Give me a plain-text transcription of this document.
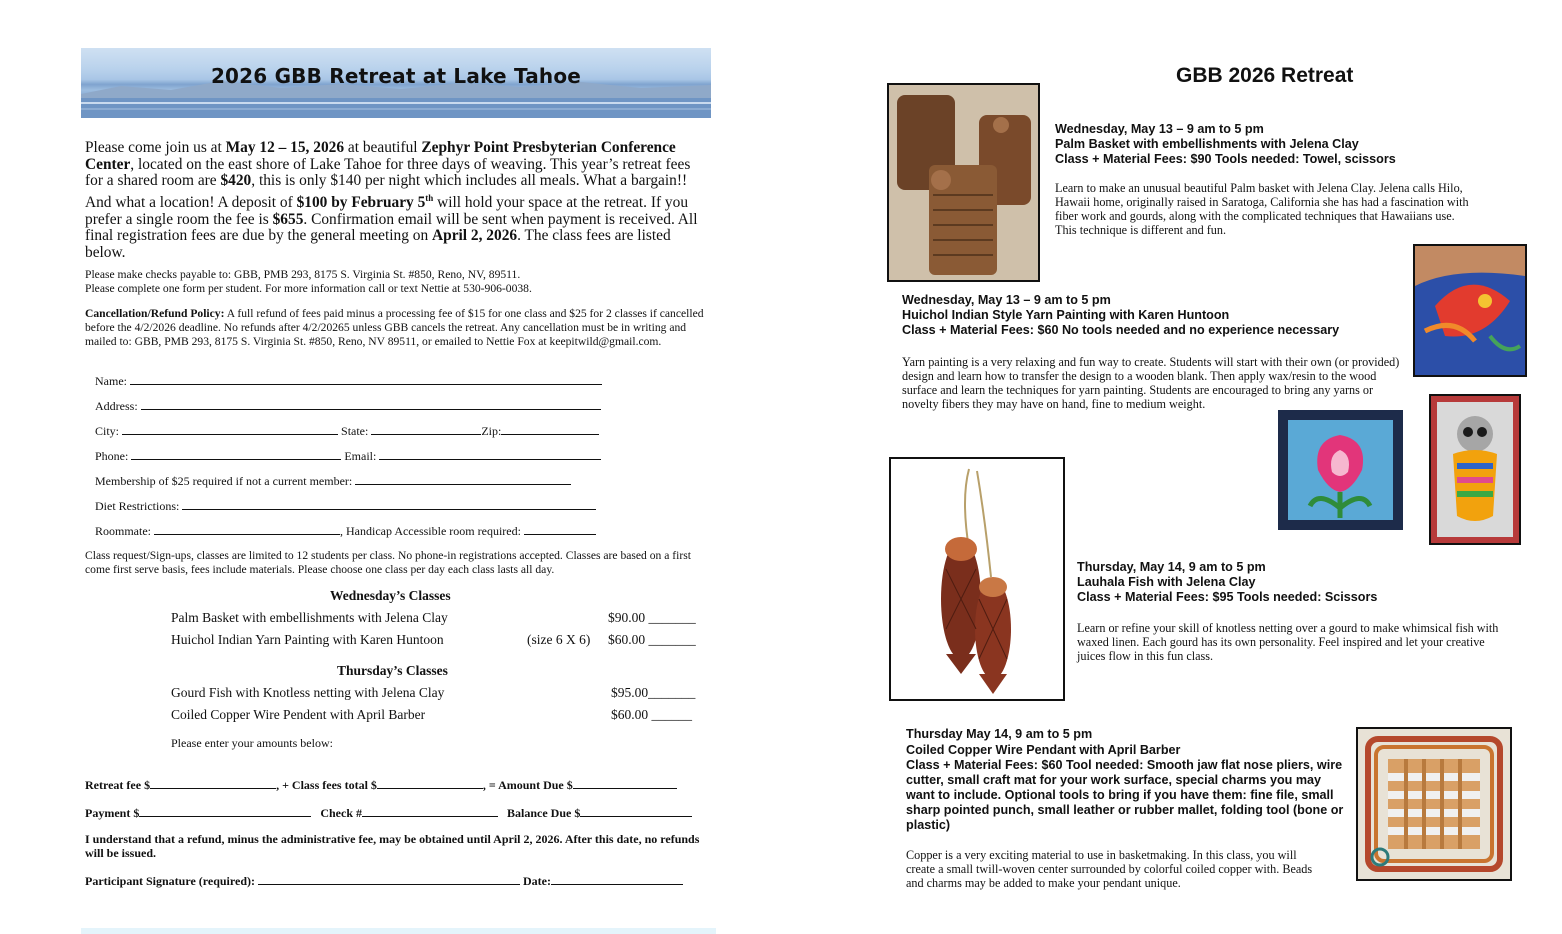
2026 GBB Retreat at Lake Tahoe
Please come join us at May 12 – 15, 2026 at beautiful Zephyr Point Presbyterian Conference Center, located on the east shore of Lake Tahoe for three days of weaving. This year’s retreat fees for a shared room are $420, this is only $140 per night which includes all meals. What a bargain!! And what a location! A deposit of $100 by February 5th will hold your space at the retreat. If you prefer a single room the fee is $655. Confirmation email will be sent when payment is received. All final registration fees are due by the general meeting on April 2, 2026. The class fees are listed below.
Please make checks payable to: GBB, PMB 293, 8175 S. Virginia St. #850, Reno, NV, 89511.
Please complete one form per student. For more information call or text Nettie at 530-906-0038.
Cancellation/Refund Policy: A full refund of fees paid minus a processing fee of $15 for one class and $25 for 2 classes if cancelled before the 4/2/2026 deadline. No refunds after 4/2/20265 unless GBB cancels the retreat. Any cancellation must be in writing and mailed to: GBB, PMB 293, 8175 S. Virginia St. #850, Reno, NV 89511, or emailed to Nettie Fox at keepitwild@gmail.com.
Name:
Address:
City:	State:	Zip:
Phone:	Email:
Membership of $25 required if not a current member:
Diet Restrictions:
Roommate:	, Handicap Accessible room required:
Class request/Sign-ups, classes are limited to 12 students per class. No phone-in registrations accepted. Classes are based on a first come first serve basis, fees include materials. Please choose one class per day each class lasts all day.
Wednesday’s Classes
Palm Basket with embellishments with Jelena Clay	$90.00 _______
Huichol Indian Yarn Painting with Karen Huntoon	(size 6 X 6) $60.00 _______
Thursday’s Classes
Gourd Fish with Knotless netting with Jelena Clay	$95.00_______
Coiled Copper Wire Pendent with April Barber	$60.00 ______
Please enter your amounts below:
Retreat fee $	, + Class fees total $	, = Amount Due $
Payment $	Check #	Balance Due $
I understand that a refund, minus the administrative fee, may be obtained until April 2, 2026. After this date, no refunds will be issued.
Participant Signature (required):	Date:
GBB 2026 Retreat
Wednesday, May 13 – 9 am to 5 pm
Palm Basket with embellishments with Jelena Clay
Class + Material Fees: $90 Tools needed: Towel, scissors
Learn to make an unusual beautiful Palm basket with Jelena Clay. Jelena calls Hilo, Hawaii home, originally raised in Saratoga, California she has had a fascination with fiber work and gourds, along with the complicated techniques that Hawaiians use. This technique is different and fun.
Wednesday, May 13 – 9 am to 5 pm
Huichol Indian Style Yarn Painting with Karen Huntoon
Class + Material Fees: $60 No tools needed and no experience necessary
Yarn painting is a very relaxing and fun way to create. Students will start with their own (or provided) design and learn how to transfer the design to a wooden blank. Then apply wax/resin to the wood surface and learn the techniques for yarn painting. Students are encouraged to bring any yarns or novelty fibers they may have on hand, fine to medium weight.
Thursday, May 14, 9 am to 5 pm
Lauhala Fish with Jelena Clay
Class + Material Fees: $95 Tools needed: Scissors
Learn or refine your skill of knotless netting over a gourd to make whimsical fish with waxed linen. Each gourd has its own personality. Feel inspired and let your creative juices flow in this fun class.
Thursday May 14, 9 am to 5 pm
Coiled Copper Wire Pendant with April Barber
Class + Material Fees: $60 Tool needed: Smooth jaw flat nose pliers, wire cutter, small craft mat for your work surface, special charms you may want to include. Optional tools to bring if you have them: fine file, small sharp pointed punch, small leather or rubber mallet, folding tool (bone or plastic)
Copper is a very exciting material to use in basketmaking. In this class, you will create a small twill-woven center surrounded by colorful coiled copper with. Beads and charms may be added to make your pendant unique.
